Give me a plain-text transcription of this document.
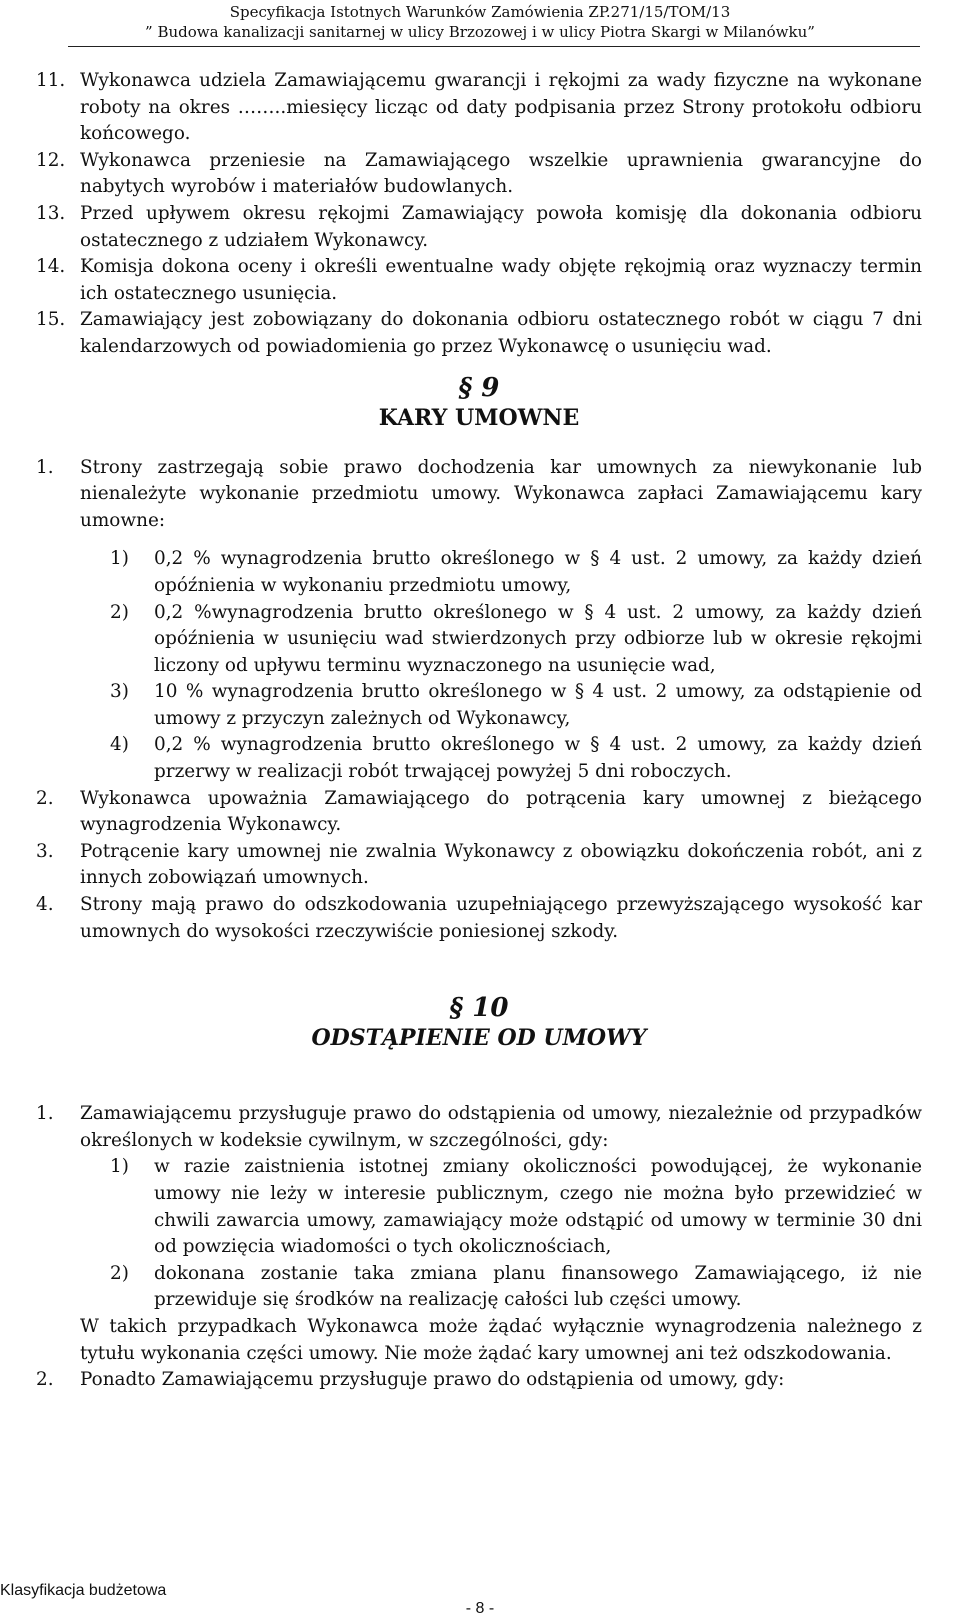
Specyfikacja Istotnych Warunków Zamówienia ZP.271/15/TOM/13
” Budowa kanalizacji sanitarnej w ulicy Brzozowej i w ulicy Piotra Skargi w Milanówku”
11. Wykonawca udziela Zamawiającemu gwarancji i rękojmi za wady fizyczne na wykonane roboty na okres ……..miesięcy licząc od daty podpisania przez Strony protokołu odbioru końcowego.
12. Wykonawca przeniesie na Zamawiającego wszelkie uprawnienia gwarancyjne do nabytych wyrobów i materiałów budowlanych.
13. Przed upływem okresu rękojmi Zamawiający powoła komisję dla dokonania odbioru ostatecznego z udziałem Wykonawcy.
14. Komisja dokona oceny i określi ewentualne wady objęte rękojmią oraz wyznaczy termin ich ostatecznego usunięcia.
15. Zamawiający jest zobowiązany do dokonania odbioru ostatecznego robót w ciągu 7 dni kalendarzowych od powiadomienia go przez Wykonawcę o usunięciu wad.
§ 9
KARY UMOWNE
1. Strony zastrzegają sobie prawo dochodzenia kar umownych za niewykonanie lub nienależyte wykonanie przedmiotu umowy. Wykonawca zapłaci Zamawiającemu kary umowne:
1) 0,2 % wynagrodzenia brutto określonego w § 4 ust. 2 umowy, za każdy dzień opóźnienia w wykonaniu przedmiotu umowy,
2) 0,2 %wynagrodzenia brutto określonego w § 4 ust. 2 umowy, za każdy dzień opóźnienia w usunięciu wad stwierdzonych przy odbiorze lub w okresie rękojmi liczony od upływu terminu wyznaczonego na usunięcie wad,
3) 10 % wynagrodzenia brutto określonego w § 4 ust. 2 umowy, za odstąpienie od umowy z przyczyn zależnych od Wykonawcy,
4) 0,2 % wynagrodzenia brutto określonego w § 4 ust. 2 umowy, za każdy dzień przerwy w realizacji robót trwającej powyżej 5 dni roboczych.
2. Wykonawca upoważnia Zamawiającego do potrącenia kary umownej z bieżącego wynagrodzenia Wykonawcy.
3. Potrącenie kary umownej nie zwalnia Wykonawcy z obowiązku dokończenia robót, ani z innych zobowiązań umownych.
4. Strony mają prawo do odszkodowania uzupełniającego przewyższającego wysokość kar umownych do wysokości rzeczywiście poniesionej szkody.
§ 10
ODSTĄPIENIE OD UMOWY
1. Zamawiającemu przysługuje prawo do odstąpienia od umowy, niezależnie od przypadków określonych w kodeksie cywilnym, w szczególności, gdy:
1) w razie zaistnienia istotnej zmiany okoliczności powodującej, że wykonanie umowy nie leży w interesie publicznym, czego nie można było przewidzieć w chwili zawarcia umowy, zamawiający może odstąpić od umowy w terminie 30 dni od powzięcia wiadomości o tych okolicznościach,
2) dokonana zostanie taka zmiana planu finansowego Zamawiającego, iż nie przewiduje się środków na realizację całości lub części umowy.
W takich przypadkach Wykonawca może żądać wyłącznie wynagrodzenia należnego z tytułu wykonania części umowy. Nie może żądać kary umownej ani też odszkodowania.
2. Ponadto Zamawiającemu przysługuje prawo do odstąpienia od umowy, gdy:
Klasyfikacja budżetowa
- 8 -
